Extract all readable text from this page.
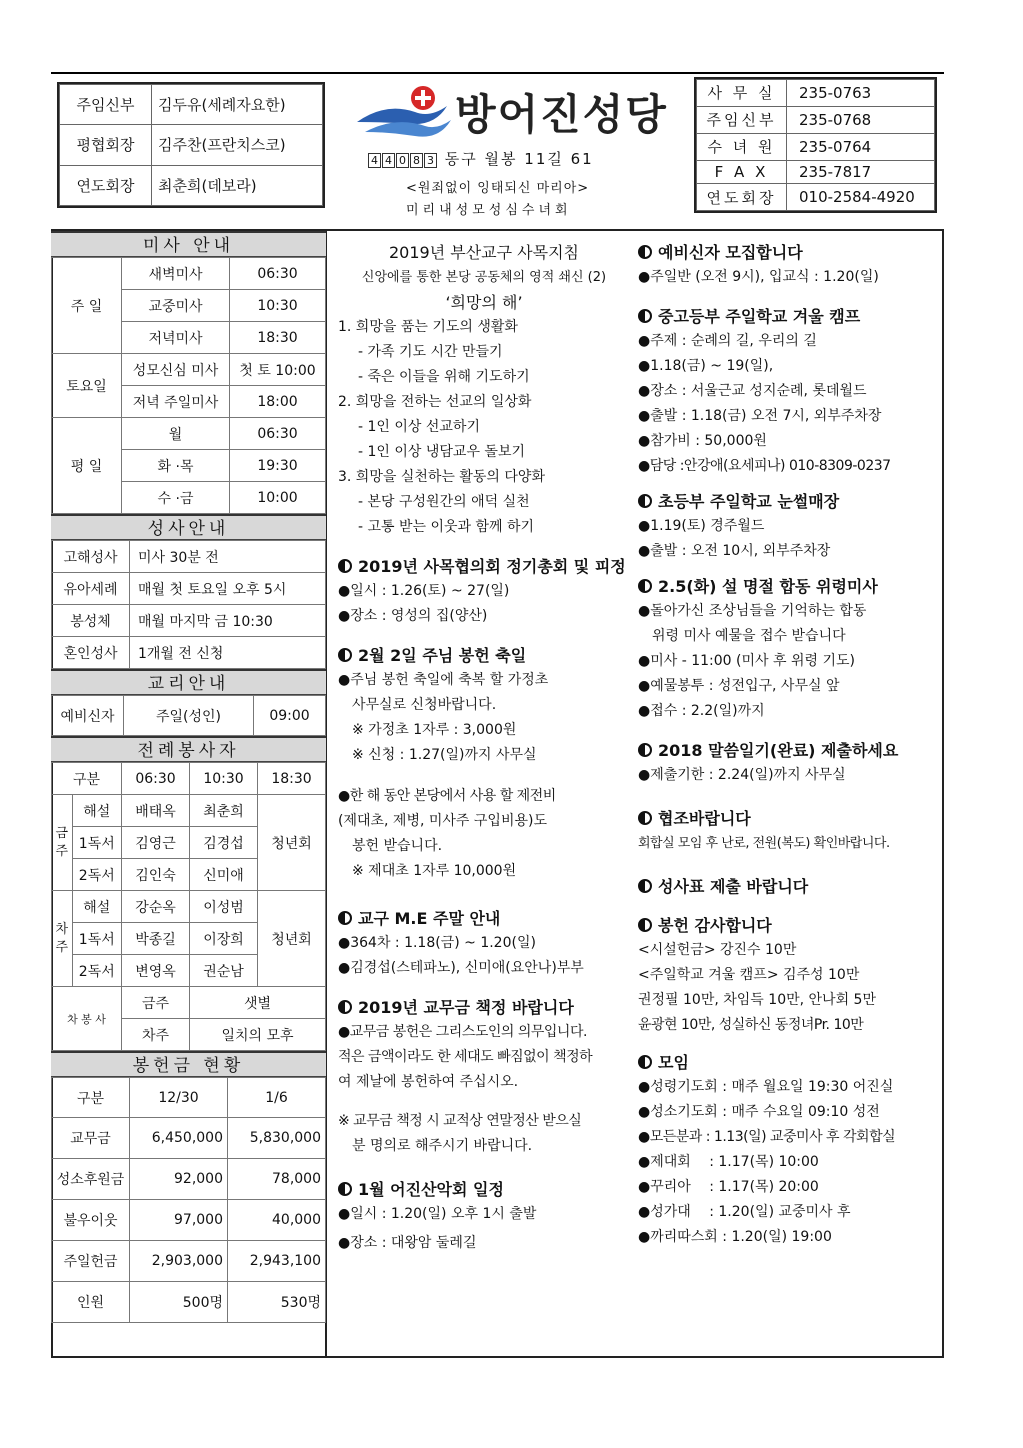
주임신부	김두유(세례자요한)
평협회장	김주찬(프란치스코)
연도회장	최춘희(데보라)
방어진성당
4 4 0 8 3 동구 월봉 11길 61
<원죄없이 잉태되신 마리아>
미리내성모성심수녀회
사 무 실	235-0763
주임신부	235-0768
수 녀 원	235-0764
F A X	235-7817
연도회장	010-2584-4920
미사 안내
주 일	새벽미사	06:30
	교중미사	10:30
	저녁미사	18:30
토요일	성모신심 미사	첫 토 10:00
	저녁 주일미사	18:00
평 일	월	06:30
	화 ·목	19:30
	수 ·금	10:00
성사안내
고해성사	미사 30분 전
유아세례	매월 첫 토요일 오후 5시
봉성체	매월 마지막 금 10:30
혼인성사	1개월 전 신청
교리안내
예비신자	주일(성인)	09:00
전례봉사자
구분		06:30	10:30	18:30
금주	해설	배태옥	최춘희	청년회
	1독서	김영근	김경섭	
	2독서	김인숙	신미애	
차주	해설	강순옥	이성범	청년회
	1독서	박종길	이장희	
	2독서	변영옥	권순남	
차 봉 사		금주	샛별	
		차주	일치의 모후	
봉헌금 현황
구분	12/30	1/6
교무금	6,450,000	5,830,000
성소후원금	92,000	78,000
불우이웃	97,000	40,000
주일헌금	2,903,000	2,943,100
인원	500명	530명
2019년 부산교구 사목지침
신앙에를 통한 본당 공동체의 영적 쇄신 (2)
‘희망의 해’
1. 희망을 품는 기도의 생활화
- 가족 기도 시간 만들기
- 죽은 이들을 위해 기도하기
2. 희망을 전하는 선교의 일상화
- 1인 이상 선교하기
- 1인 이상 냉담교우 돌보기
3. 희망을 실천하는 활동의 다양화
- 본당 구성원간의 애덕 실천
- 고통 받는 이웃과 함께 하기
2019년 사목협의회 정기총회 및 피정
●일시 : 1.26(토) ~ 27(일)
●장소 : 영성의 집(양산)
2월 2일 주님 봉헌 축일
●주님 봉헌 축일에 축복 할 가정초
사무실로 신청바랍니다.
※ 가정초 1자루 : 3,000원
※ 신청 : 1.27(일)까지 사무실
●한 해 동안 본당에서 사용 할 제전비
(제대초, 제병, 미사주 구입비용)도
봉헌 받습니다.
※ 제대초 1자루 10,000원
교구 M.E 주말 안내
●364차 : 1.18(금) ~ 1.20(일)
●김경섭(스테파노), 신미애(요안나)부부
2019년 교무금 책정 바랍니다
●교무금 봉헌은 그리스도인의 의무입니다.
적은 금액이라도 한 세대도 빠짐없이 책정하
여 제날에 봉헌하여 주십시오.
※ 교무금 책정 시 교적상 연말정산 받으실
분 명의로 해주시기 바랍니다.
1월 어진산악회 일정
●일시 : 1.20(일) 오후 1시 출발
●장소 : 대왕암 둘레길
예비신자 모집합니다
●주일반 (오전 9시), 입교식 : 1.20(일)
중고등부 주일학교 겨울 캠프
●주제 : 순례의 길, 우리의 길
●1.18(금) ~ 19(일),
●장소 : 서울근교 성지순례, 롯데월드
●출발 : 1.18(금) 오전 7시, 외부주차장
●참가비 : 50,000원
●담당 :안강애(요세피나) 010-8309-0237
초등부 주일학교 눈썰매장
●1.19(토) 경주월드
●출발 : 오전 10시, 외부주차장
2.5(화) 설 명절 합동 위령미사
●돌아가신 조상님들을 기억하는 합동
위령 미사 예물을 접수 받습니다
●미사 - 11:00 (미사 후 위령 기도)
●예물봉투 : 성전입구, 사무실 앞
●접수 : 2.2(일)까지
2018 말씀일기(완료) 제출하세요
●제출기한 : 2.24(일)까지 사무실
협조바랍니다
회합실 모임 후 난로, 전원(복도) 확인바랍니다.
성사표 제출 바랍니다
봉헌 감사합니다
<시설헌금> 강진수 10만
<주일학교 겨울 캠프> 김주성 10만
권정필 10만, 차임득 10만, 안나회 5만
윤광현 10만, 성실하신 동정녀Pr. 10만
모임
●성령기도회 : 매주 월요일 19:30 어진실
●성소기도회 : 매주 수요일 09:10 성전
●모든분과 : 1.13(일) 교중미사 후 각회합실
●제대회　 : 1.17(목) 10:00
●꾸리아　 : 1.17(목) 20:00
●성가대　 : 1.20(일) 교중미사 후
●까리따스회 : 1.20(일) 19:00
